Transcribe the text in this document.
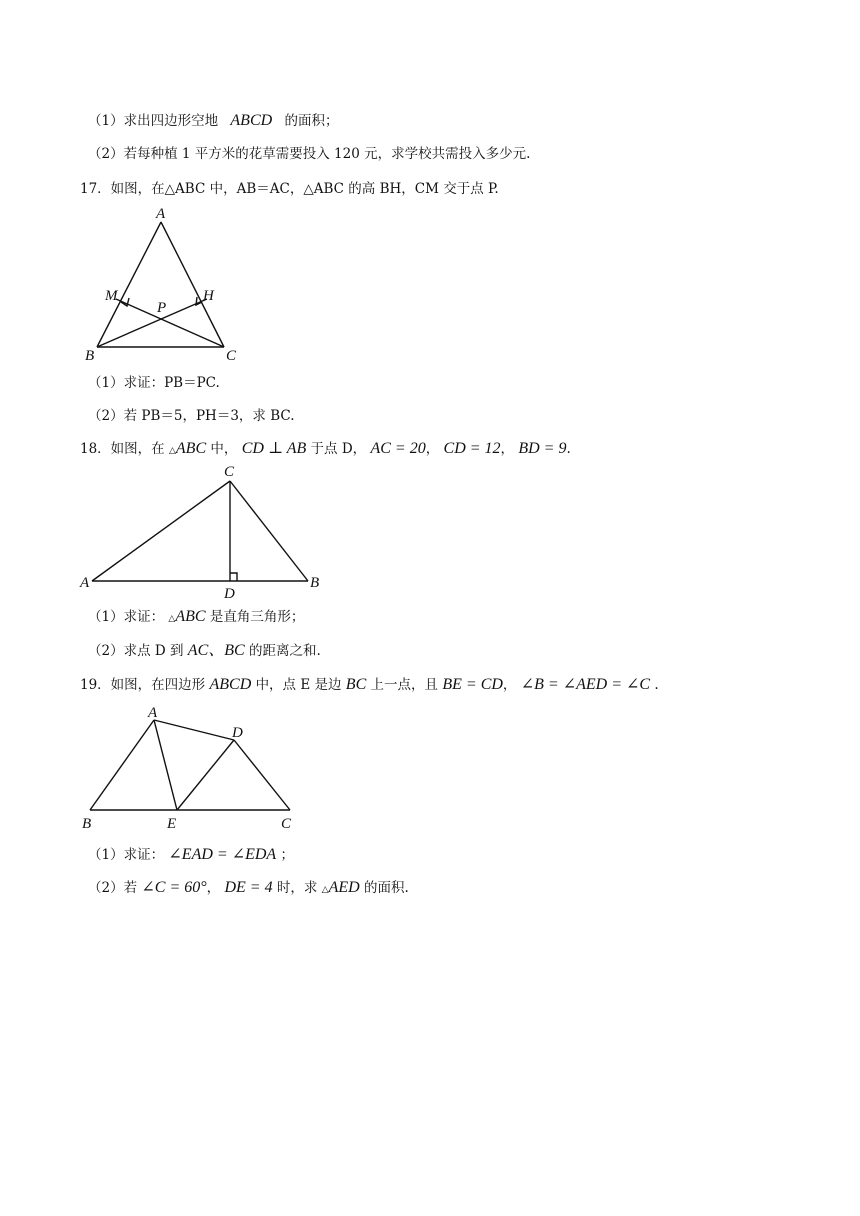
（1）求出四边形空地 ABCD 的面积；
（2）若每种植 1 平方米的花草需要投入 120 元，求学校共需投入多少元.
17．如图，在△ABC 中，AB＝AC，△ABC 的高 BH，CM 交于点 P.
A
M
P
H
B	C
（1）求证：PB＝PC.
（2）若 PB＝5，PH＝3，求 BC.
18．如图，在 △ABC 中， CD ⊥ AB 于点 D， AC = 20， CD = 12， BD = 9.
C
A
D
B
（1）求证： △ABC 是直角三角形；
（2）求点 D 到 AC、BC 的距离之和.
19．如图，在四边形 ABCD 中，点 E 是边 BC 上一点，且 BE = CD， ∠B = ∠AED = ∠C .
A
D
B	E	C
（1）求证： ∠EAD = ∠EDA ；
（2）若 ∠C = 60°， DE = 4 时，求 △AED 的面积.
